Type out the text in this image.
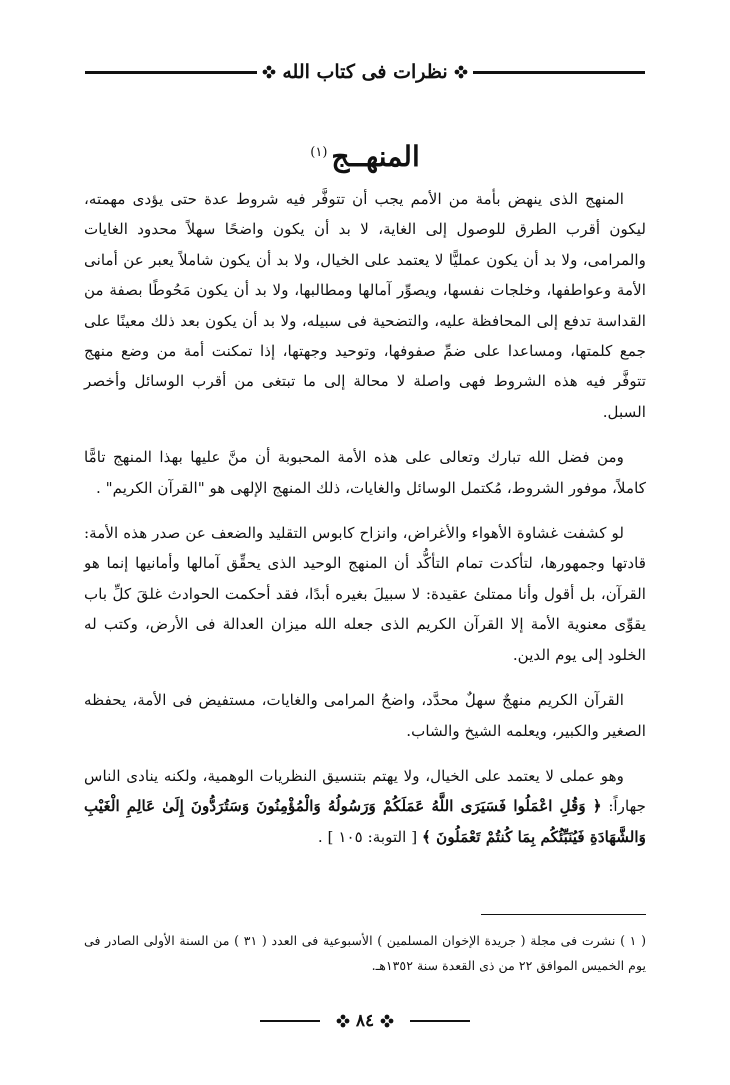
نظرات فى كتاب الله
المنهــج$^{(١)}$

المنهج الذى ينهض بأمة من الأمم يجب أن تتوفَّر فيه شروط عدة حتى يؤدى مهمته، ليكون أقرب الطرق للوصول إلى الغاية، لا بد أن يكون واضحًا سهلاً محدود الغايات والمرامى، ولا بد أن يكون عمليًّا لا يعتمد على الخيال، ولا بد أن يكون شاملاً يعبر عن أمانى الأمة وعواطفها، وخلجات نفسها، ويصوِّر آمالها ومطالبها، ولا بد أن يكون مَحُوطًا بصفة من القداسة تدفع إلى المحافظة عليه، والتضحية فى سبيله، ولا بد أن يكون بعد ذلك معينًا على جمع كلمتها، ومساعدا على ضمِّ صفوفها، وتوحيد وجهتها، إذا تمكنت أمة من وضع منهج تتوفَّر فيه هذه الشروط فهى واصلة لا محالة إلى ما تبتغى من أقرب الوسائل وأخصر السبل.

ومن فضل الله تبارك وتعالى على هذه الأمة المحبوبة أن منَّ عليها بهذا المنهج تامًّا كاملاً، موفور الشروط، مُكتمل الوسائل والغايات، ذلك المنهج الإلهى هو "القرآن الكريم" .

لو كشفت غشاوة الأهواء والأغراض، وانزاح كابوس التقليد والضعف عن صدر هذه الأمة: قادتها وجمهورها، لتأكدت تمام التأكُّد أن المنهج الوحيد الذى يحقِّق آمالها وأمانيها إنما هو القرآن، بل أقول وأنا ممتلئ عقيدة: لا سبيلَ بغيره أبدًا، فقد أحكمت الحوادث غلقَ كلِّ باب يقوِّى معنوية الأمة إلا القرآن الكريم الذى جعله الله ميزان العدالة فى الأرض، وكتب له الخلود إلى يوم الدين.

القرآن الكريم منهجٌ سهلٌ محدَّد، واضحُ المرامى والغايات، مستفيض فى الأمة، يحفظه الصغير والكبير، ويعلمه الشيخ والشاب.

وهو عملى لا يعتمد على الخيال، ولا يهتم بتنسيق النظريات الوهمية، ولكنه ينادى الناس جهاراً: ﴿ وَقُلِ اعْمَلُوا فَسَيَرَى اللَّهُ عَمَلَكُمْ وَرَسُولُهُ وَالْمُؤْمِنُونَ وَسَتُرَدُّونَ إِلَىٰ عَالِمِ الْغَيْبِ وَالشَّهَادَةِ فَيُنَبِّئُكُم بِمَا كُنتُمْ تَعْمَلُونَ ﴾ [ التوبة: ١٠٥ ] .

( ١ ) نشرت فى مجلة ( جريدة الإخوان المسلمين ) الأسبوعية فى العدد ( ٣١ ) من السنة الأولى الصادر فى يوم الخميس الموافق ٢٢ من ذى القعدة سنة ١٣٥٢هـ.
٨٤
